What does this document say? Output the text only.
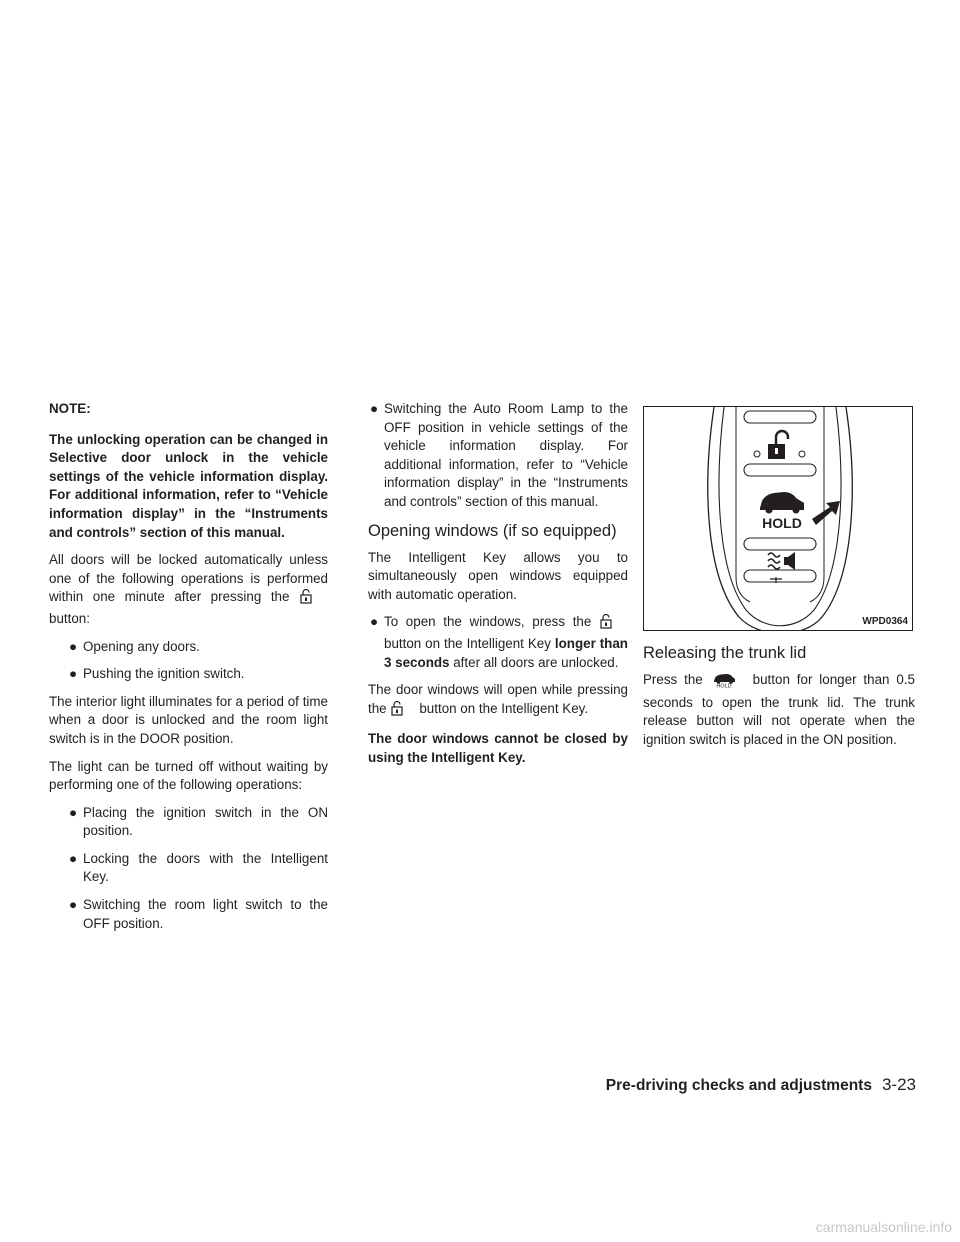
NOTE:

The unlocking operation can be changed in Selective door unlock in the vehicle settings of the vehicle information display. For additional information, refer to “Vehicle information display” in the “Instruments and controls” section of this manual.

All doors will be locked automatically unless one of the following operations is performed within one minute after pressing the button:

● Opening any doors.
● Pushing the ignition switch.

The interior light illuminates for a period of time when a door is unlocked and the room light switch is in the DOOR position.

The light can be turned off without waiting by performing one of the following operations:

● Placing the ignition switch in the ON position.
● Locking the doors with the Intelligent Key.
● Switching the room light switch to the OFF position.
● Switching the Auto Room Lamp to the OFF position in vehicle settings of the vehicle information display. For additional information, refer to “Vehicle information display” in the “Instruments and controls” section of this manual.
Opening windows (if so equipped)

The Intelligent Key allows you to simultaneously open windows equipped with automatic operation.

● To open the windows, press the button on the Intelligent Key longer than 3 seconds after all doors are unlocked.

The door windows will open while pressing the button on the Intelligent Key.

The door windows cannot be closed by using the Intelligent Key.

HOLD
WPD0364
Releasing the trunk lid

Press the HOLD button for longer than 0.5 seconds to open the trunk lid. The trunk release button will not operate when the ignition switch is placed in the ON position.

Pre-driving checks and adjustments 3-23
carmanualsonline.info
